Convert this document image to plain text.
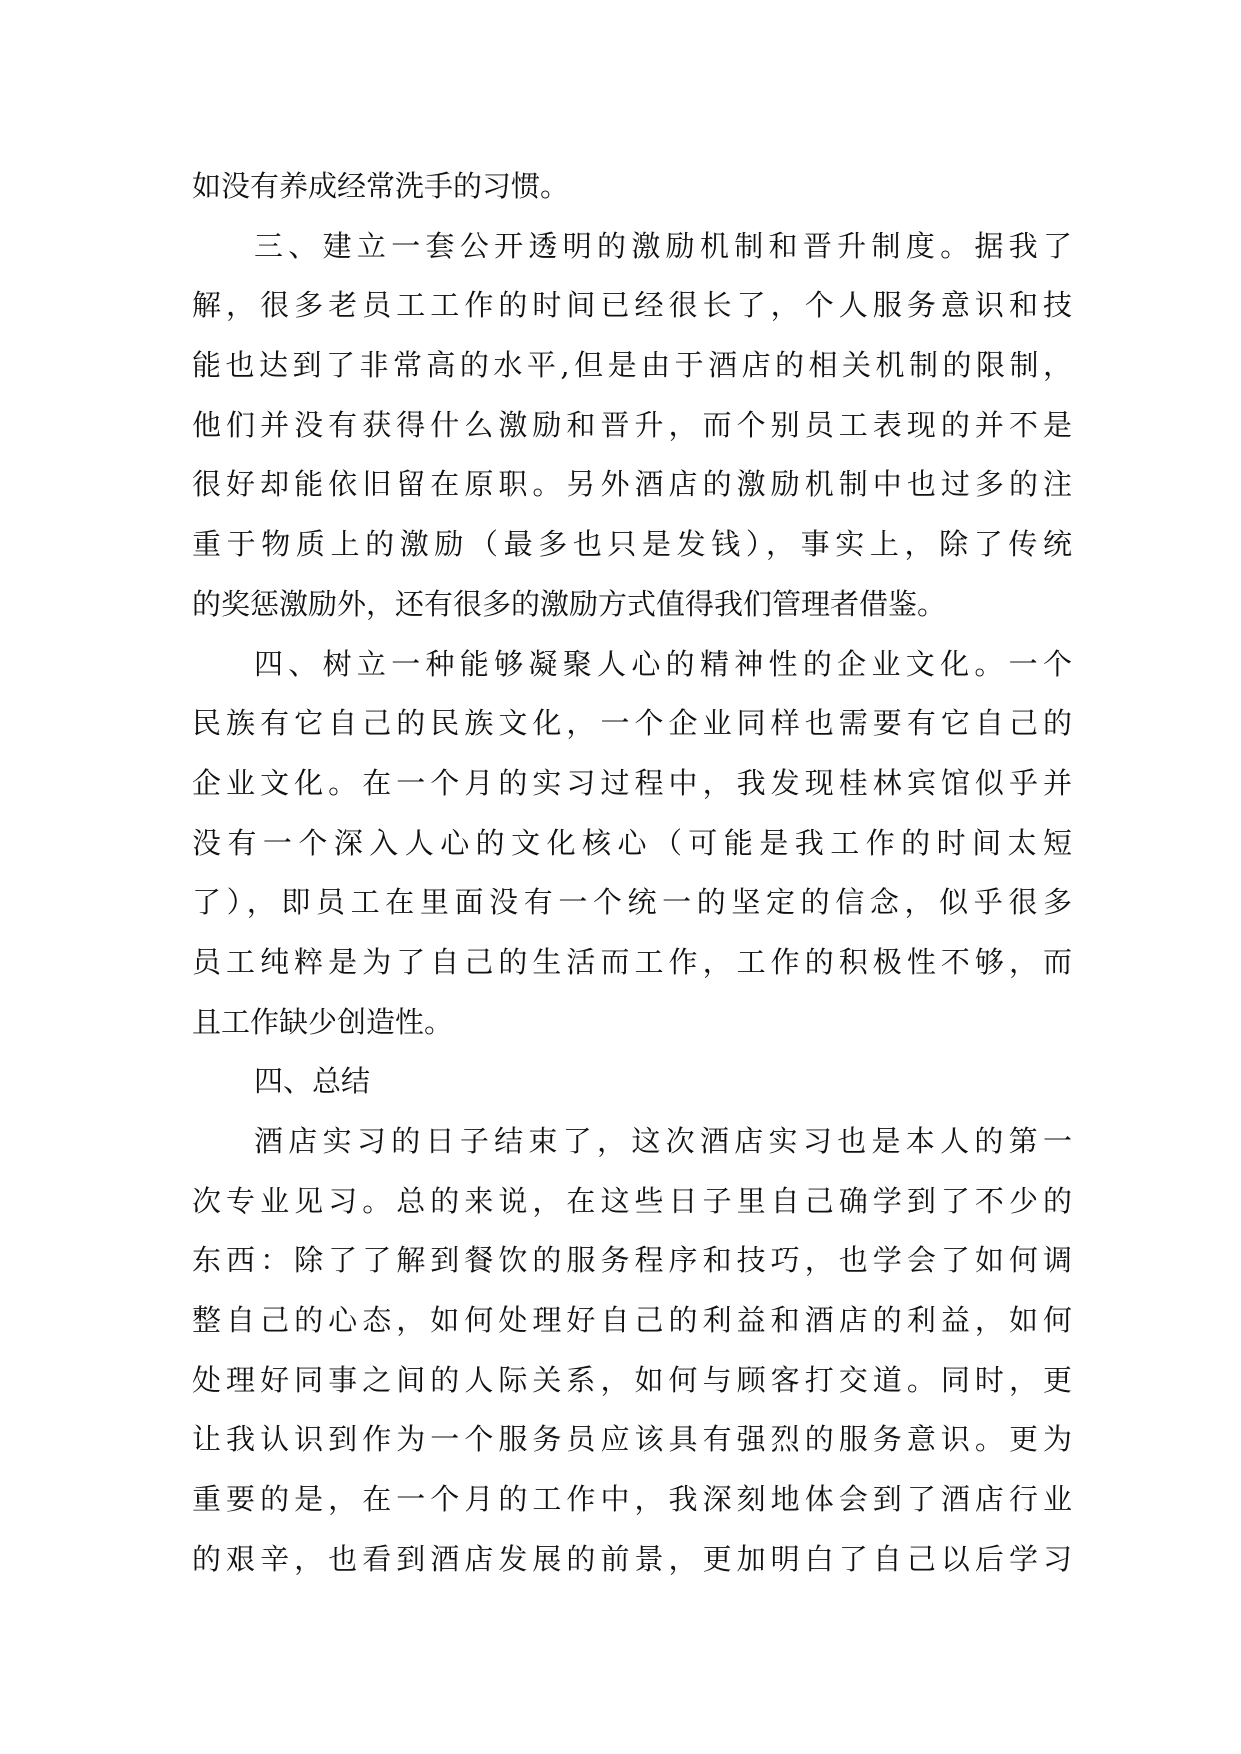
如没有养成经常洗手的习惯。
三、建立一套公开透明的激励机制和晋升制度。据我了
解，很多老员工工作的时间已经很长了，个人服务意识和技
能也达到了非常高的水平,但是由于酒店的相关机制的限制，
他们并没有获得什么激励和晋升，而个别员工表现的并不是
很好却能依旧留在原职。另外酒店的激励机制中也过多的注
重于物质上的激励（最多也只是发钱），事实上，除了传统
的奖惩激励外，还有很多的激励方式值得我们管理者借鉴。
四、树立一种能够凝聚人心的精神性的企业文化。一个
民族有它自己的民族文化，一个企业同样也需要有它自己的
企业文化。在一个月的实习过程中，我发现桂林宾馆似乎并
没有一个深入人心的文化核心（可能是我工作的时间太短
了），即员工在里面没有一个统一的坚定的信念，似乎很多
员工纯粹是为了自己的生活而工作，工作的积极性不够，而
且工作缺少创造性。
四、总结
酒店实习的日子结束了，这次酒店实习也是本人的第一
次专业见习。总的来说，在这些日子里自己确学到了不少的
东西：除了了解到餐饮的服务程序和技巧，也学会了如何调
整自己的心态，如何处理好自己的利益和酒店的利益，如何
处理好同事之间的人际关系，如何与顾客打交道。同时，更
让我认识到作为一个服务员应该具有强烈的服务意识。更为
重要的是，在一个月的工作中，我深刻地体会到了酒店行业
的艰辛，也看到酒店发展的前景，更加明白了自己以后学习
